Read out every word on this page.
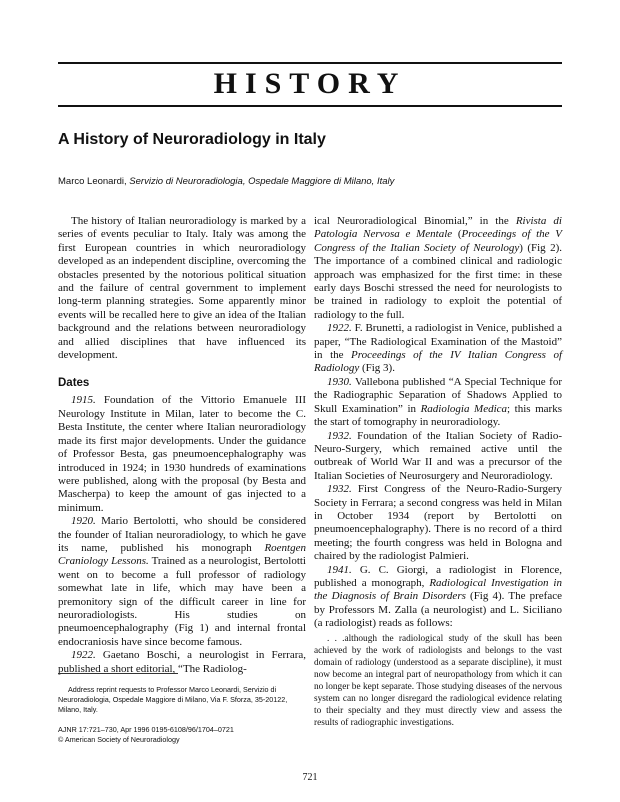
HISTORY
A History of Neuroradiology in Italy
Marco Leonardi, Servizio di Neuroradiologia, Ospedale Maggiore di Milano, Italy

The history of Italian neuroradiology is marked by a series of events peculiar to Italy. Italy was among the first European countries in which neuroradiology developed as an independent discipline, overcoming the obstacles presented by the notorious political situation and the failure of central government to implement long-term planning strategies. Some apparently minor events will be recalled here to give an idea of the Italian background and the relations between neuroradiology and allied disciplines that have influenced its development.

Dates

1915. Foundation of the Vittorio Emanuele III Neurology Institute in Milan, later to become the C. Besta Institute, the center where Italian neuroradiology made its first major developments. Under the guidance of Professor Besta, gas pneumoencephalography was introduced in 1924; in 1930 hundreds of examinations were published, along with the proposal (by Besta and Mascherpa) to keep the amount of gas injected to a minimum.

1920. Mario Bertolotti, who should be considered the founder of Italian neuroradiology, to which he gave its name, published his monograph Roentgen Craniology Lessons. Trained as a neurologist, Bertolotti went on to become a full professor of radiology somewhat late in life, which may have been a premonitory sign of the difficult career in line for neuroradiologists. His studies on pneumoencephalography (Fig 1) and internal frontal endocraniosis have since become famous.

1922. Gaetano Boschi, a neurologist in Ferrara, published a short editorial, “The Radiolog-

ical Neuroradiological Binomial,” in the Rivista di Patologia Nervosa e Mentale (Proceedings of the V Congress of the Italian Society of Neurology) (Fig 2). The importance of a combined clinical and radiologic approach was emphasized for the first time: in these early days Boschi stressed the need for neurologists to be trained in radiology to exploit the potential of radiology to the full.

1922. F. Brunetti, a radiologist in Venice, published a paper, “The Radiological Examination of the Mastoid” in the Proceedings of the IV Italian Congress of Radiology (Fig 3).

1930. Vallebona published “A Special Technique for the Radiographic Separation of Shadows Applied to Skull Examination” in Radiologia Medica; this marks the start of tomography in neuroradiology.

1932. Foundation of the Italian Society of Radio-Neuro-Surgery, which remained active until the outbreak of World War II and was a precursor of the Italian Societies of Neurosurgery and Neuroradiology.

1932. First Congress of the Neuro-Radio-Surgery Society in Ferrara; a second congress was held in Milan in October 1934 (report by Bertolotti on pneumoencephalography). There is no record of a third meeting; the fourth congress was held in Bologna and chaired by the radiologist Palmieri.

1941. G. C. Giorgi, a radiologist in Florence, published a monograph, Radiological Investigation in the Diagnosis of Brain Disorders (Fig 4). The preface by Professors M. Zalla (a neurologist) and L. Siciliano (a radiologist) reads as follows:

. . .although the radiological study of the skull has been achieved by the work of radiologists and belongs to the vast domain of radiology (understood as a separate discipline), it must now become an integral part of neuropathology from which it can no longer be kept separate. Those studying diseases of the nervous system can no longer disregard the radiological evidence relating to their specialty and they must directly view and assess the results of radiographic investigations.

Address reprint requests to Professor Marco Leonardi, Servizio di Neuroradiologia, Ospedale Maggiore di Milano, Via F. Sforza, 35-20122, Milano, Italy.

AJNR 17:721–730, Apr 1996 0195-6108/96/1704–0721

© American Society of Neuroradiology

721
